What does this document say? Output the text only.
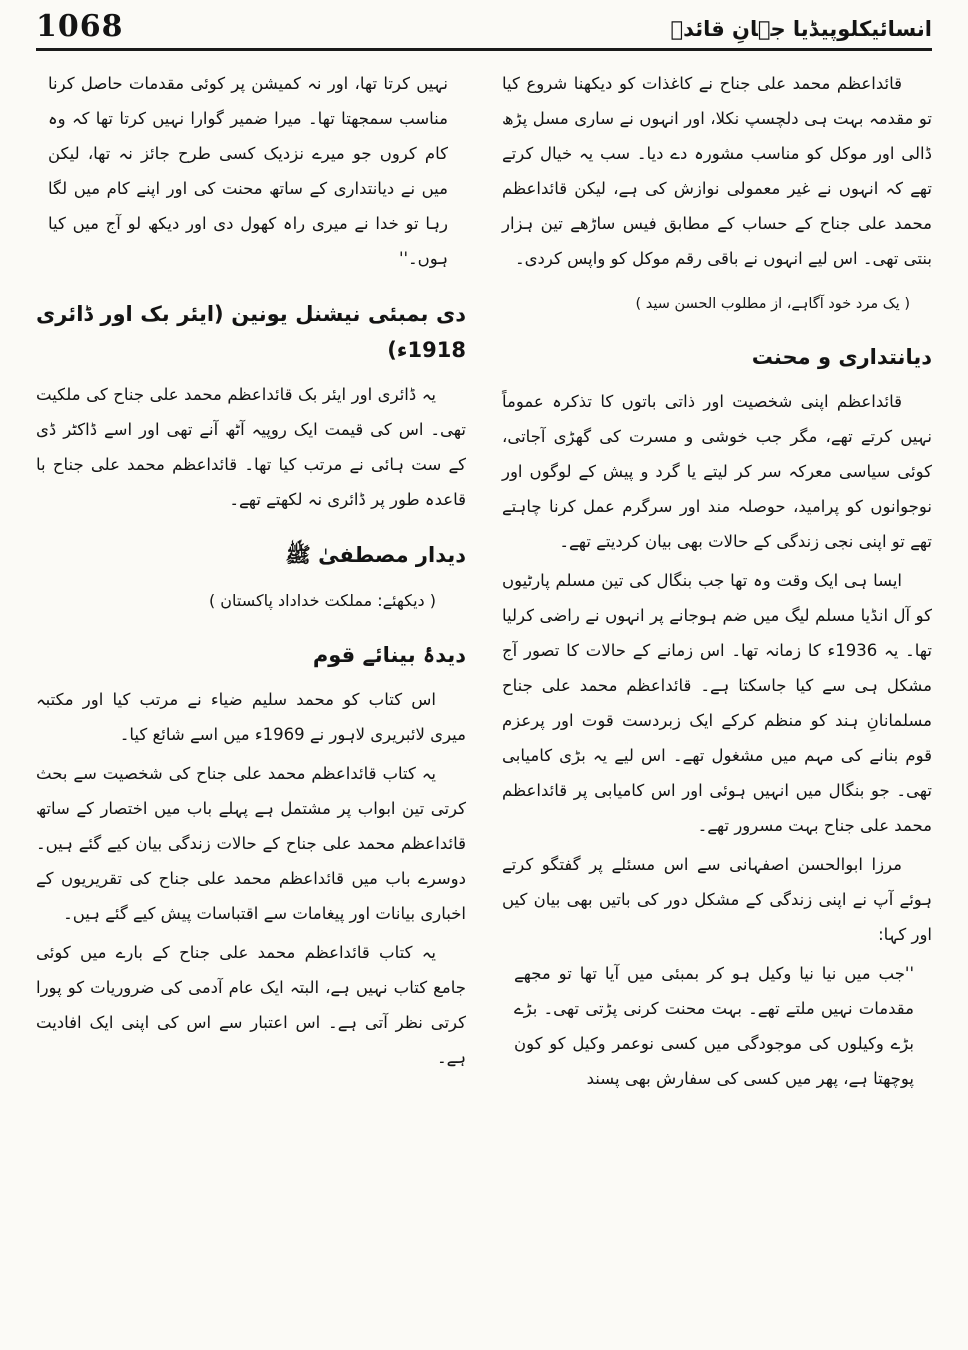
1068	انسائیکلوپیڈیا جہانِ قائدؒ

قائداعظم محمد علی جناح نے کاغذات کو دیکھنا شروع کیا تو مقدمہ بہت ہی دلچسپ نکلا، اور انہوں نے ساری مسل پڑھ ڈالی اور موکل کو مناسب مشورہ دے دیا۔ سب یہ خیال کرتے تھے کہ انہوں نے غیر معمولی نوازش کی ہے، لیکن قائداعظم محمد علی جناح کے حساب کے مطابق فیس ساڑھے تین ہزار بنتی تھی۔ اس لیے انہوں نے باقی رقم موکل کو واپس کردی۔

( یک مرد خود آگاہے، از مطلوب الحسن سید )

دیانتداری و محنت

قائداعظم اپنی شخصیت اور ذاتی باتوں کا تذکرہ عموماً نہیں کرتے تھے، مگر جب خوشی و مسرت کی گھڑی آجاتی، کوئی سیاسی معرکہ سر کر لیتے یا گرد و پیش کے لوگوں اور نوجوانوں کو پرامید، حوصلہ مند اور سرگرم عمل کرنا چاہتے تھے تو اپنی نجی زندگی کے حالات بھی بیان کردیتے تھے۔

ایسا ہی ایک وقت وہ تھا جب بنگال کی تین مسلم پارٹیوں کو آل انڈیا مسلم لیگ میں ضم ہوجانے پر انہوں نے راضی کرلیا تھا۔ یہ 1936ء کا زمانہ تھا۔ اس زمانے کے حالات کا تصور آج مشکل ہی سے کیا جاسکتا ہے۔ قائداعظم محمد علی جناح مسلمانانِ ہند کو منظم کرکے ایک زبردست قوت اور پرعزم قوم بنانے کی مہم میں مشغول تھے۔ اس لیے یہ بڑی کامیابی تھی۔ جو بنگال میں انہیں ہوئی اور اس کامیابی پر قائداعظم محمد علی جناح بہت مسرور تھے۔

مرزا ابوالحسن اصفہانی سے اس مسئلے پر گفتگو کرتے ہوئے آپ نے اپنی زندگی کے مشکل دور کی باتیں بھی بیان کیں اور کہا:

''جب میں نیا نیا وکیل ہو کر بمبئی میں آیا تھا تو مجھے مقدمات نہیں ملتے تھے۔ بہت محنت کرنی پڑتی تھی۔ بڑے بڑے وکیلوں کی موجودگی میں کسی نوعمر وکیل کو کون پوچھتا ہے، پھر میں کسی کی سفارش بھی پسند

نہیں کرتا تھا، اور نہ کمیشن پر کوئی مقدمات حاصل کرنا مناسب سمجھتا تھا۔ میرا ضمیر گوارا نہیں کرتا تھا کہ وہ کام کروں جو میرے نزدیک کسی طرح جائز نہ تھا، لیکن میں نے دیانتداری کے ساتھ محنت کی اور اپنے کام میں لگا رہا تو خدا نے میری راہ کھول دی اور دیکھ لو آج میں کیا ہوں۔''

دی بمبئی نیشنل یونین (ایئر بک اور ڈائری 1918ء)

یہ ڈائری اور ایئر بک قائداعظم محمد علی جناح کی ملکیت تھی۔ اس کی قیمت ایک روپیہ آٹھ آنے تھی اور اسے ڈاکٹر ڈی کے ست ہائی نے مرتب کیا تھا۔ قائداعظم محمد علی جناح با قاعدہ طور پر ڈائری نہ لکھتے تھے۔

دیدار مصطفیٰ ﷺ

( دیکھئے: مملکت خداداد پاکستان )

دیدۂ بینائے قوم

اس کتاب کو محمد سلیم ضیاء نے مرتب کیا اور مکتبہ میری لائبریری لاہور نے 1969ء میں اسے شائع کیا۔

یہ کتاب قائداعظم محمد علی جناح کی شخصیت سے بحث کرتی تین ابواب پر مشتمل ہے پہلے باب میں اختصار کے ساتھ قائداعظم محمد علی جناح کے حالات زندگی بیان کیے گئے ہیں۔ دوسرے باب میں قائداعظم محمد علی جناح کی تقریریوں کے اخباری بیانات اور پیغامات سے اقتباسات پیش کیے گئے ہیں۔

یہ کتاب قائداعظم محمد علی جناح کے بارے میں کوئی جامع کتاب نہیں ہے، البتہ ایک عام آدمی کی ضروریات کو پورا کرتی نظر آتی ہے۔ اس اعتبار سے اس کی اپنی ایک افادیت ہے۔
